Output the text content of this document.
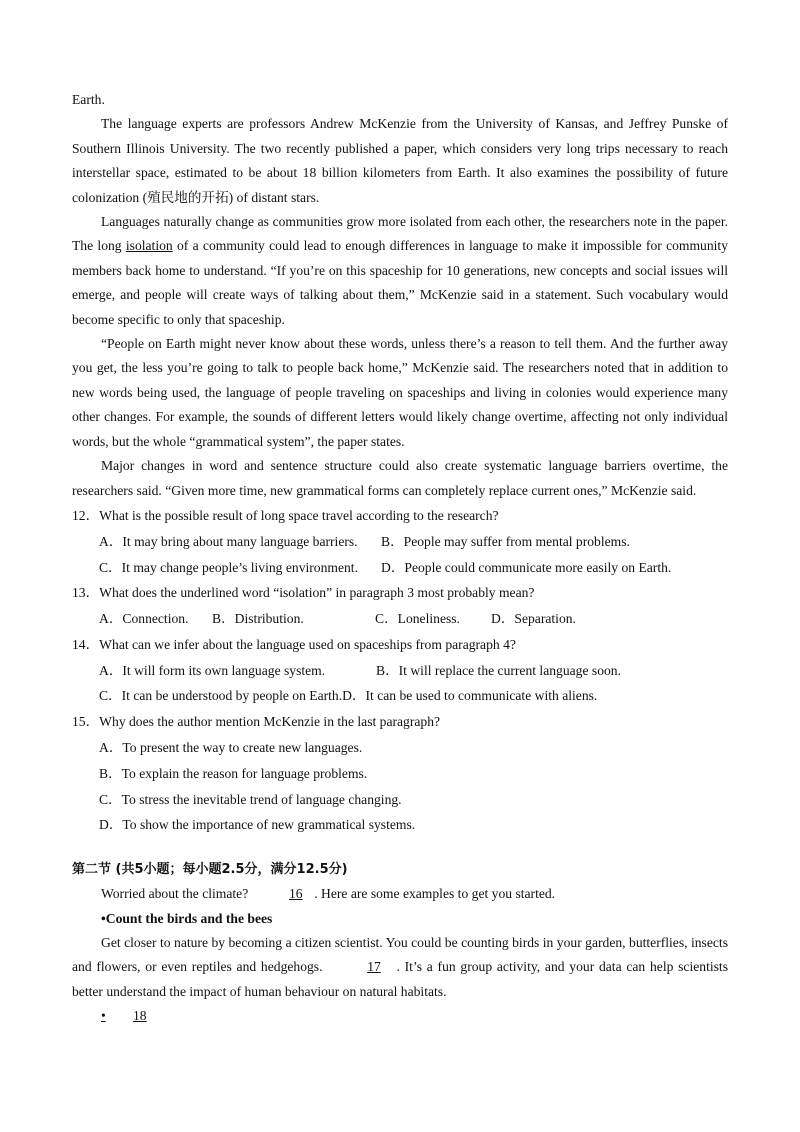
Earth.

The language experts are professors Andrew McKenzie from the University of Kansas, and Jeffrey Punske of Southern Illinois University. The two recently published a paper, which considers very long trips necessary to reach interstellar space, estimated to be about 18 billion kilometers from Earth. It also examines the possibility of future colonization (殖民地的开拓) of distant stars.

Languages naturally change as communities grow more isolated from each other, the researchers note in the paper. The long isolation of a community could lead to enough differences in language to make it impossible for community members back home to understand. “If you’re on this spaceship for 10 generations, new concepts and social issues will emerge, and people will create ways of talking about them,” McKenzie said in a statement. Such vocabulary would become specific to only that spaceship.

“People on Earth might never know about these words, unless there’s a reason to tell them. And the further away you get, the less you’re going to talk to people back home,” McKenzie said. The researchers noted that in addition to new words being used, the language of people traveling on spaceships and living in colonies would experience many other changes. For example, the sounds of different letters would likely change overtime, affecting not only individual words, but the whole “grammatical system”, the paper states.

Major changes in word and sentence structure could also create systematic language barriers overtime, the researchers said. “Given more time, new grammatical forms can completely replace current ones,” McKenzie said.

12．What is the possible result of long space travel according to the research?

A．It may bring about many language barriers. B．People may suffer from mental problems.

C．It may change people’s living environment. D．People could communicate more easily on Earth.

13．What does the underlined word “isolation” in paragraph 3 most probably mean?

A．Connection. B．Distribution.	C．Loneliness. D．Separation.

14．What can we infer about the language used on spaceships from paragraph 4?

A．It will form its own language system.	B．It will replace the current language soon.

C．It can be understood by people on Earth.D．It can be used to communicate with aliens.

15．Why does the author mention McKenzie in the last paragraph?

A．To present the way to create new languages.

B．To explain the reason for language problems.

C．To stress the inevitable trend of language changing.

D．To show the importance of new grammatical systems.

第二节 (共5小题；每小题2.5分，满分12.5分)

Worried about the climate?	16 . Here are some examples to get you started.

•Count the birds and the bees

Get closer to nature by becoming a citizen scientist. You could be counting birds in your garden, butterflies, insects and flowers, or even reptiles and hedgehogs.	17 . It’s a fun group activity, and your data can help scientists better understand the impact of human behaviour on natural habitats.

• 18
